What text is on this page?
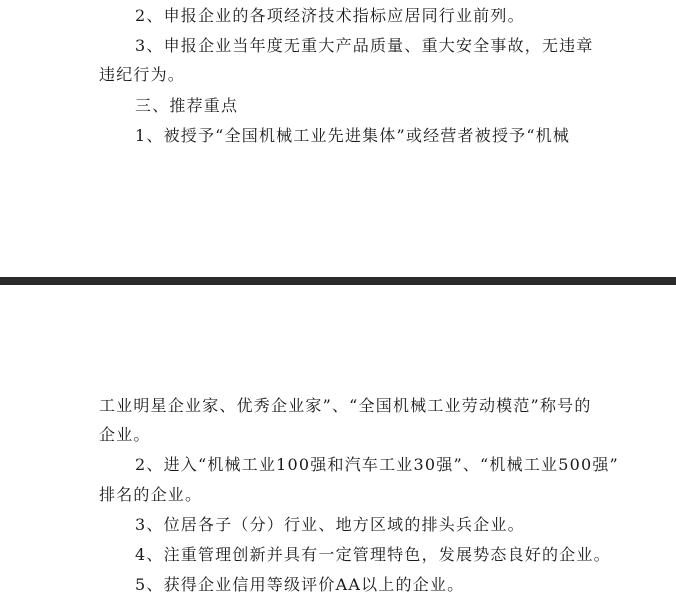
2、申报企业的各项经济技术指标应居同行业前列。
3、申报企业当年度无重大产品质量、重大安全事故，无违章
违纪行为。
三、推荐重点
1、被授予“全国机械工业先进集体”或经营者被授予“机械
工业明星企业家、优秀企业家”、“全国机械工业劳动模范”称号的
企业。
2、进入“机械工业100强和汽车工业30强”、“机械工业500强”
排名的企业。
3、位居各子（分）行业、地方区域的排头兵企业。
4、注重管理创新并具有一定管理特色，发展势态良好的企业。
5、获得企业信用等级评价AA以上的企业。
